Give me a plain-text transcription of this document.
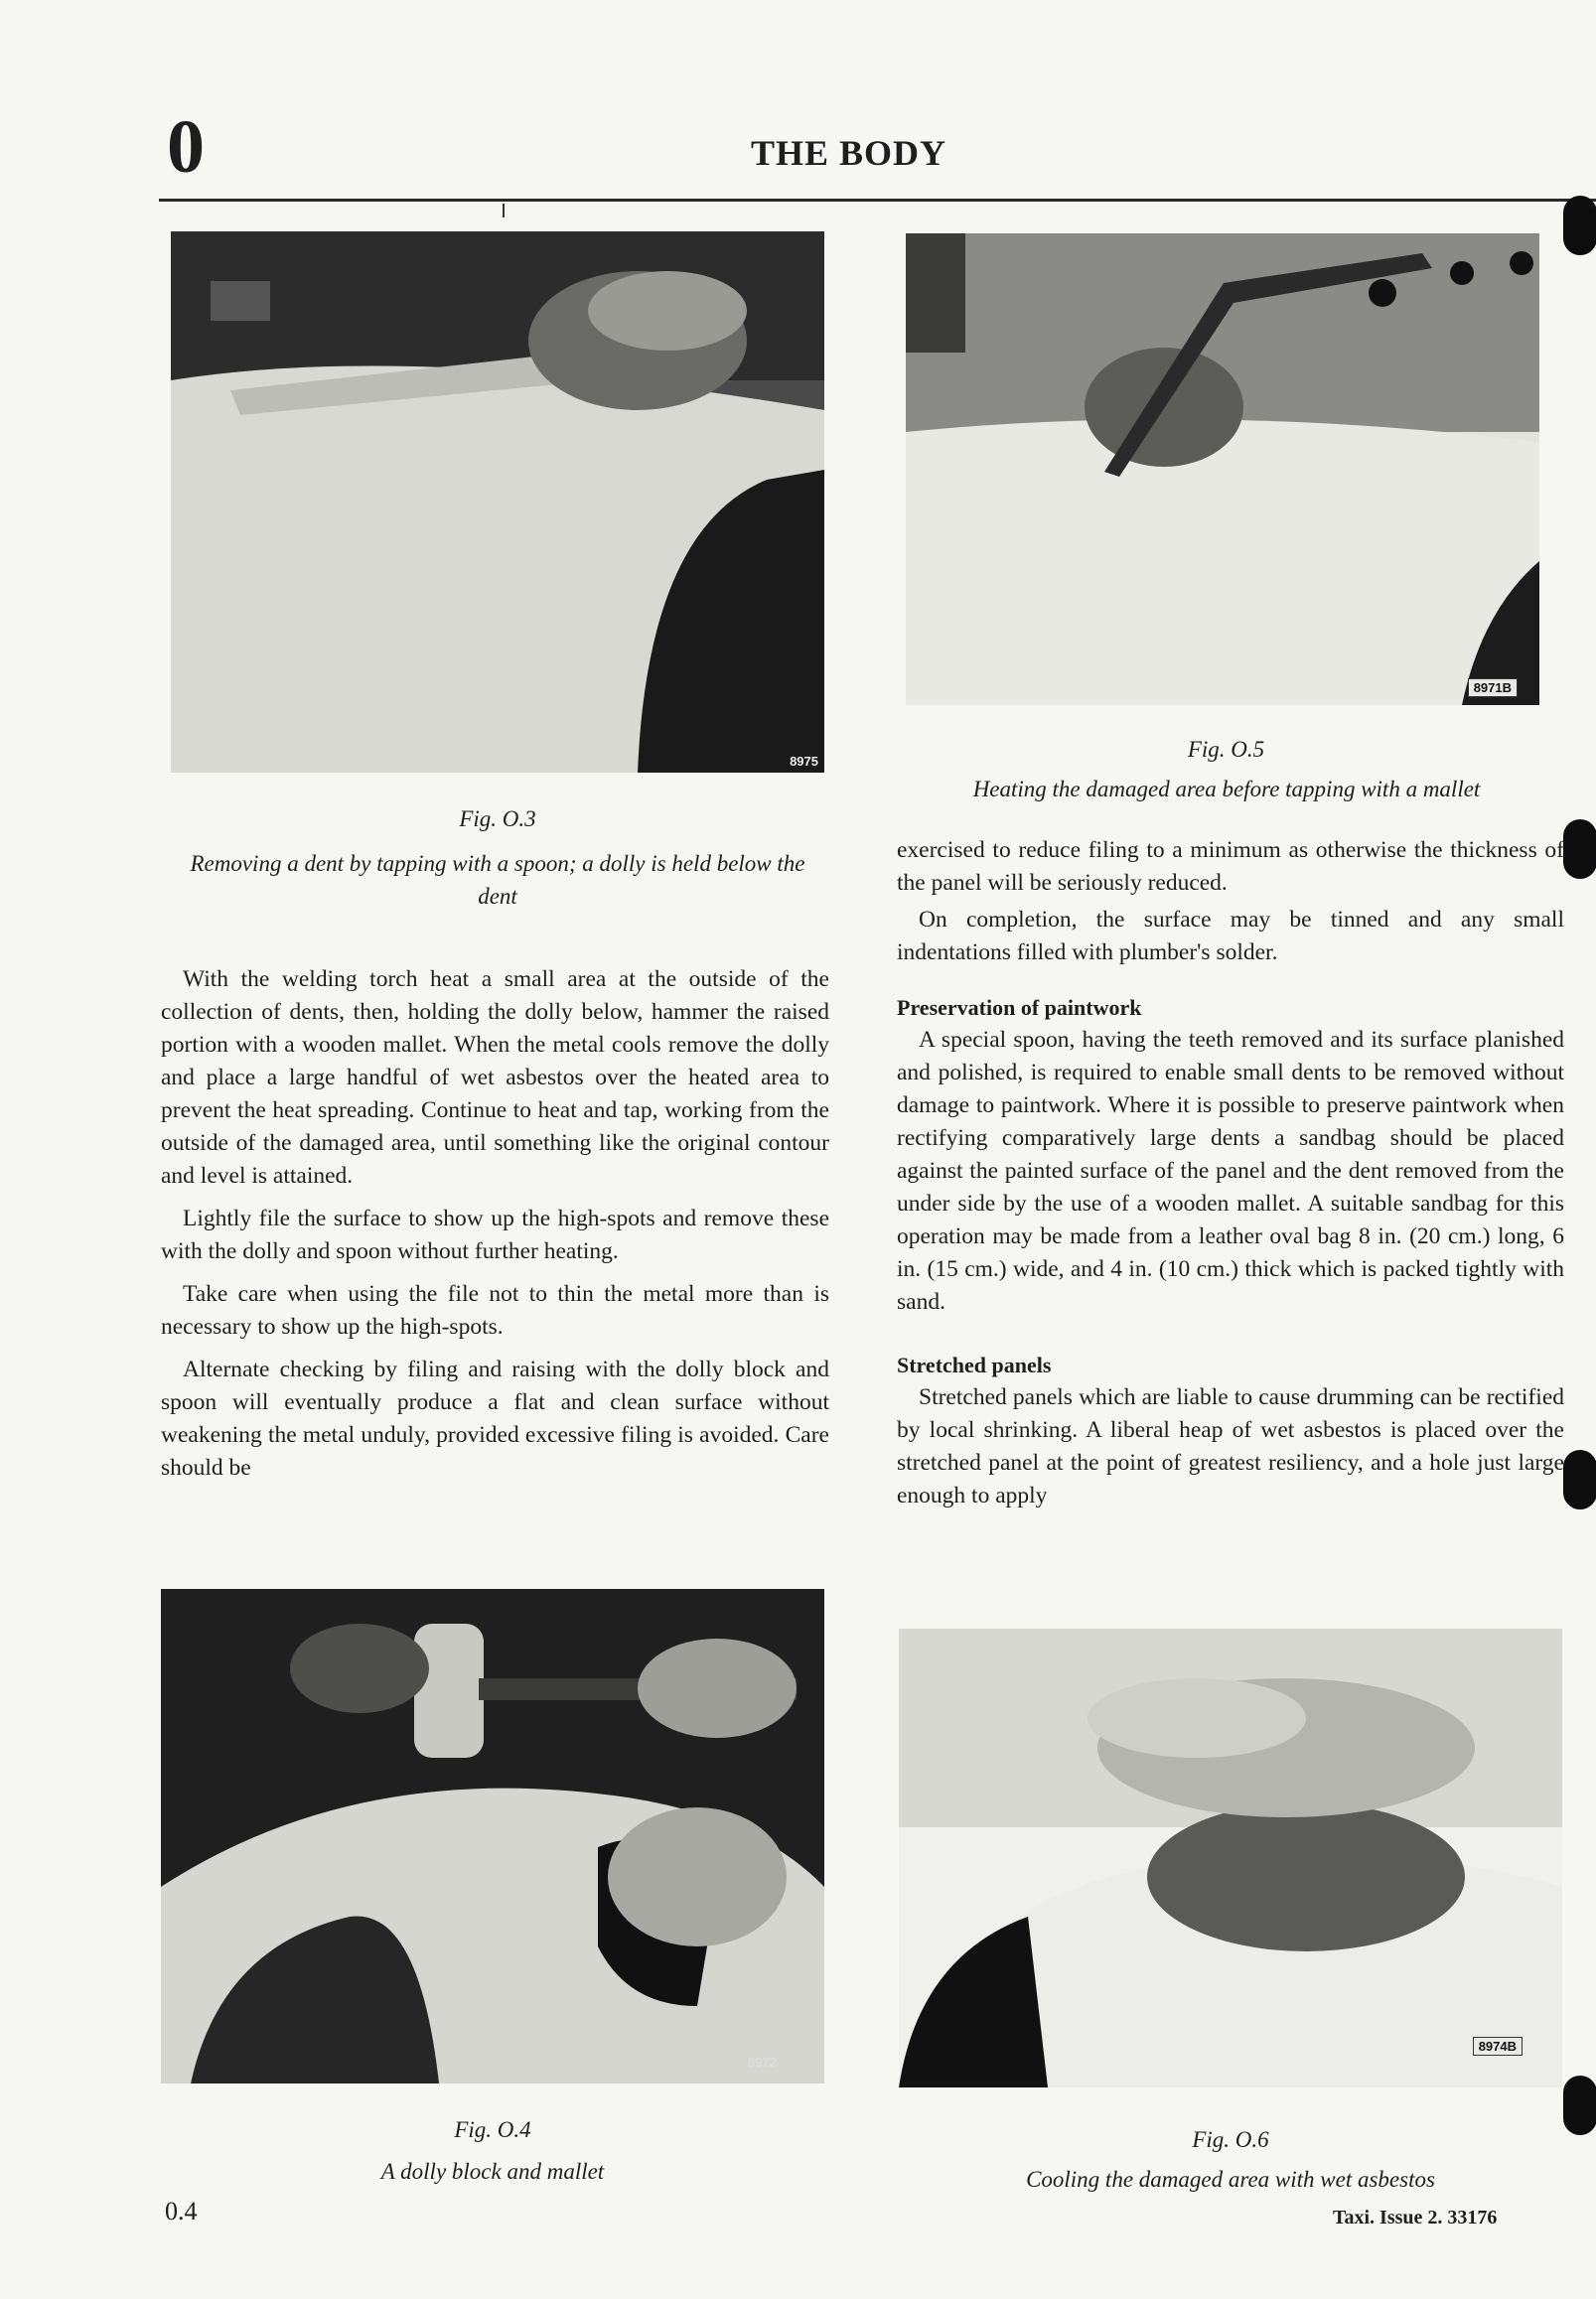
0	THE BODY
8975
Fig. O.3
Removing a dent by tapping with a spoon; a dolly is held below the dent
8971B
Fig. O.5
Heating the damaged area before tapping with a mallet

With the welding torch heat a small area at the outside of the collection of dents, then, holding the dolly below, hammer the raised portion with a wooden mallet. When the metal cools remove the dolly and place a large handful of wet asbestos over the heated area to prevent the heat spreading. Continue to heat and tap, working from the outside of the damaged area, until something like the original contour and level is attained.

Lightly file the surface to show up the high-spots and remove these with the dolly and spoon without further heating.

Take care when using the file not to thin the metal more than is necessary to show up the high-spots.

Alternate checking by filing and raising with the dolly block and spoon will eventually produce a flat and clean surface without weakening the metal unduly, provided excessive filing is avoided. Care should be

exercised to reduce filing to a minimum as otherwise the thickness of the panel will be seriously reduced.

On completion, the surface may be tinned and any small indentations filled with plumber's solder.

Preservation of paintwork

A special spoon, having the teeth removed and its surface planished and polished, is required to enable small dents to be removed without damage to paintwork. Where it is possible to preserve paintwork when rectifying comparatively large dents a sandbag should be placed against the painted surface of the panel and the dent removed from the under side by the use of a wooden mallet. A suitable sandbag for this operation may be made from a leather oval bag 8 in. (20 cm.) long, 6 in. (15 cm.) wide, and 4 in. (10 cm.) thick which is packed tightly with sand.

Stretched panels

Stretched panels which are liable to cause drumming can be rectified by local shrinking. A liberal heap of wet asbestos is placed over the stretched panel at the point of greatest resiliency, and a hole just large enough to apply

8972
Fig. O.4
A dolly block and mallet
8974B
Fig. O.6
Cooling the damaged area with wet asbestos
0.4	Taxi. Issue 2. 33176
